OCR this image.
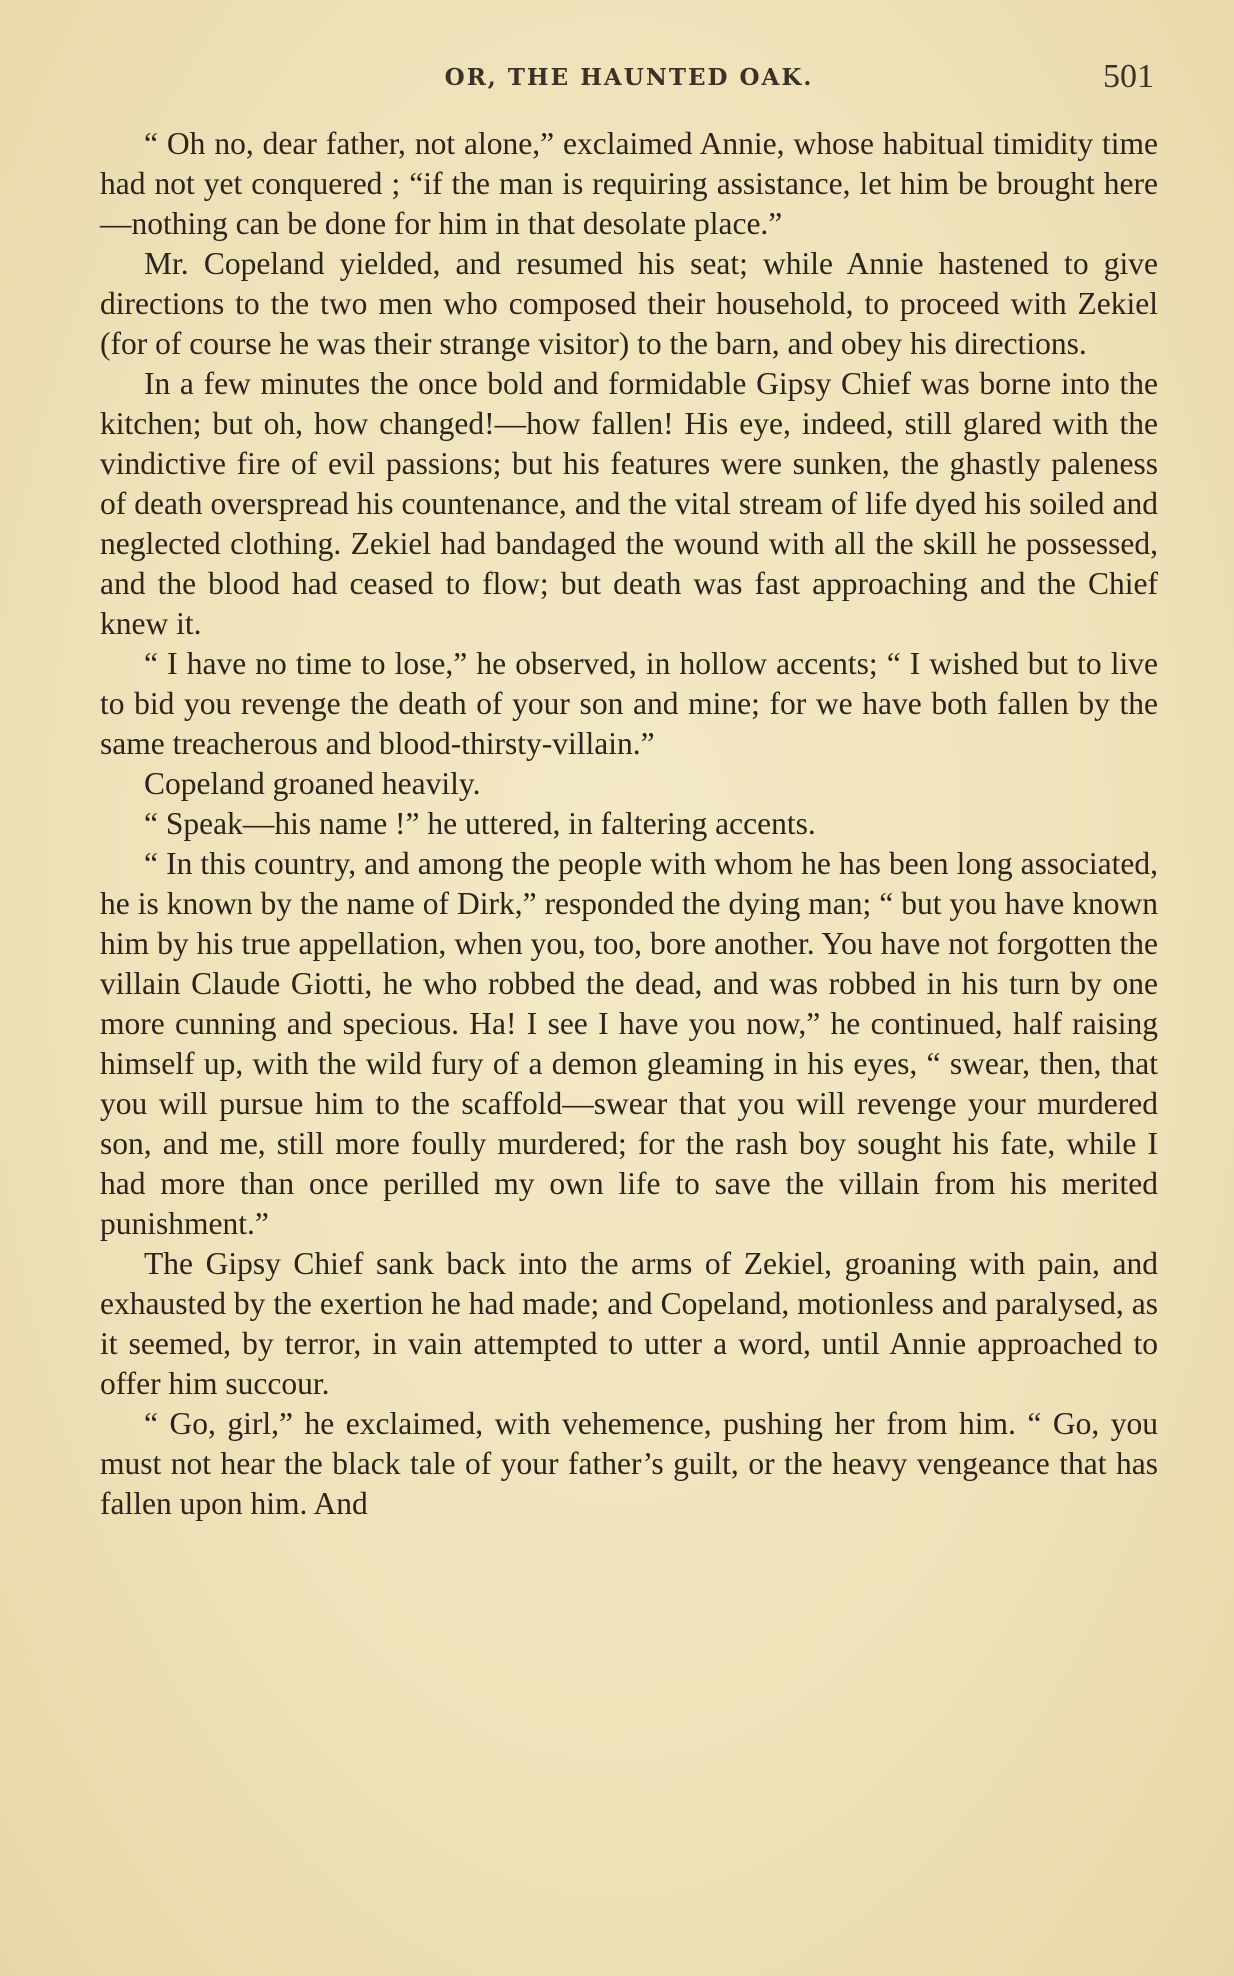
OR, THE HAUNTED OAK.	501

“ Oh no, dear father, not alone,” exclaimed Annie, whose habitual timidity time had not yet conquered ; “if the man is requiring assistance, let him be brought here—nothing can be done for him in that desolate place.”

Mr. Copeland yielded, and resumed his seat; while Annie hastened to give directions to the two men who composed their household, to proceed with Zekiel (for of course he was their strange visitor) to the barn, and obey his directions.

In a few minutes the once bold and formidable Gipsy Chief was borne into the kitchen; but oh, how changed!—how fallen! His eye, indeed, still glared with the vindictive fire of evil passions; but his features were sunken, the ghastly paleness of death overspread his countenance, and the vital stream of life dyed his soiled and neglected clothing. Zekiel had bandaged the wound with all the skill he possessed, and the blood had ceased to flow; but death was fast approaching and the Chief knew it.

“ I have no time to lose,” he observed, in hollow accents; “ I wished but to live to bid you revenge the death of your son and mine; for we have both fallen by the same treacherous and blood-thirsty-villain.”

Copeland groaned heavily.

“ Speak—his name !” he uttered, in faltering accents.

“ In this country, and among the people with whom he has been long associated, he is known by the name of Dirk,” responded the dying man; “ but you have known him by his true appellation, when you, too, bore another. You have not forgotten the villain Claude Giotti, he who robbed the dead, and was robbed in his turn by one more cunning and specious. Ha! I see I have you now,” he continued, half raising himself up, with the wild fury of a demon gleaming in his eyes, “ swear, then, that you will pursue him to the scaffold—swear that you will revenge your murdered son, and me, still more foully murdered; for the rash boy sought his fate, while I had more than once perilled my own life to save the villain from his merited punishment.”

The Gipsy Chief sank back into the arms of Zekiel, groaning with pain, and exhausted by the exertion he had made; and Copeland, motionless and paralysed, as it seemed, by terror, in vain attempted to utter a word, until Annie approached to offer him succour.

“ Go, girl,” he exclaimed, with vehemence, pushing her from him. “ Go, you must not hear the black tale of your father’s guilt, or the heavy vengeance that has fallen upon him. And
